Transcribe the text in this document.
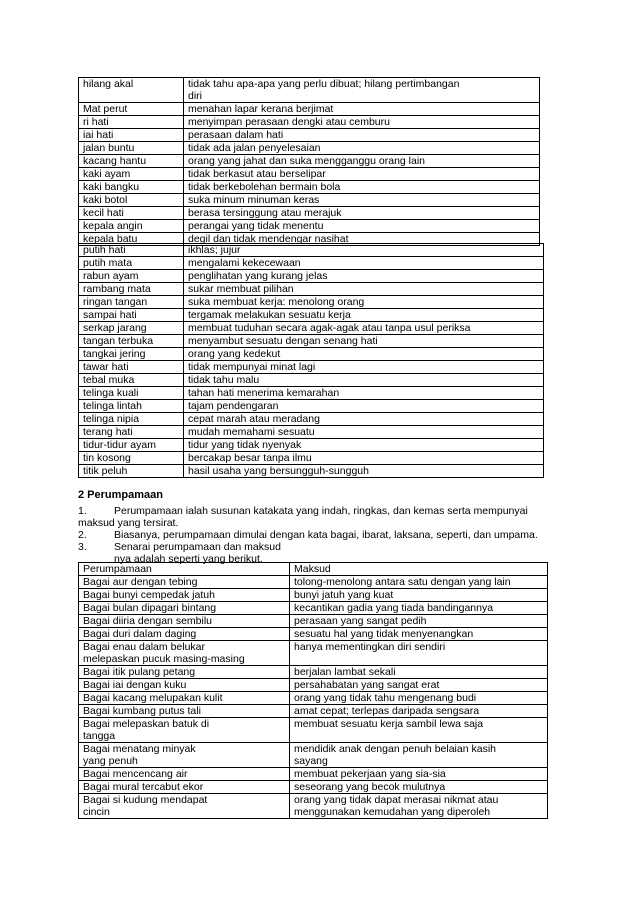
hilang akal	tidak tahu apa-apa yang perlu dibuat; hilang pertimbangan
diri
Mat perut	menahan lapar kerana berjimat
ri hati	menyimpan perasaan dengki atau cemburu
iai hati	perasaan dalam hati
jalan buntu	tidak ada jalan penyelesaian
kacang hantu	orang yang jahat dan suka mengganggu orang lain
kaki ayam	tidak berkasut atau berselipar
kaki bangku	tidak berkebolehan bermain bola
kaki botol	suka minum minuman keras
kecil hati	berasa tersinggung atau merajuk
kepala angin	perangai yang tidak menentu
kepala batu	degil dan tidak mendengar nasihat
putih hati	ikhlas; jujur
putih mata	mengalami kekecewaan
rabun ayam	penglihatan yang kurang jelas
rambang mata	sukar membuat pilihan
ringan tangan	suka membuat kerja: menolong orang
sampai hati	tergamak melakukan sesuatu kerja
serkap jarang	membuat tuduhan secara agak-agak atau tanpa usul periksa
tangan terbuka	menyambut sesuatu dengan senang hati
tangkai jering	orang yang kedekut
tawar hati	tidak mempunyai minat lagi
tebal muka	tidak tahu malu
telinga kuali	tahan hati menerima kemarahan
telinga lintah	tajam pendengaran
telinga nipia	cepat marah atau meradang
terang hati	mudah memahami sesuatu
tidur-tidur ayam	tidur yang tidak nyenyak
tin kosong	bercakap besar tanpa ilmu
titik peluh	hasil usaha yang bersungguh-sungguh
2 Perumpamaan
1.	Perumpamaan ialah susunan katakata yang indah, ringkas, dan kemas serta mempunyai
maksud yang tersirat.
2.	Biasanya, perumpamaan dimulai dengan kata bagai, ibarat, laksana, seperti, dan umpama.
3.	Senarai perumpamaan dan maksud
nya adalah seperti yang berikut.
Perumpamaan	Maksud
Bagai aur dengan tebing	tolong-menolong antara satu dengan yang lain
Bagai bunyi cempedak jatuh	bunyi jatuh yang kuat
Bagai bulan dipagari bintang	kecantikan gadia yang tiada bandingannya
Bagai diiria dengan sembilu	perasaan yang sangat pedih
Bagai duri dalam daging	sesuatu hal yang tidak menyenangkan
Bagai enau dalam belukar
melepaskan pucuk masing-masing	hanya mementingkan diri sendiri
Bagai itik pulang petang	berjalan lambat sekali
Bagai iai dengan kuku	persahabatan yang sangat erat
Bagai kacang melupakan kulit	orang yang tidak tahu mengenang budi
Bagai kumbang putus tali	amat cepat; terlepas daripada sengsara
Bagai melepaskan batuk di
tangga	membuat sesuatu kerja sambil lewa saja
Bagai menatang minyak
yang penuh	mendidik anak dengan penuh belaian kasih
sayang
Bagai mencencang air	membuat pekerjaan yang sia-sia
Bagai mural tercabut ekor	seseorang yang becok mulutnya
Bagai si kudung mendapat
cincin	orang yang tidak dapat merasai nikmat atau
menggunakan kemudahan yang diperoleh
